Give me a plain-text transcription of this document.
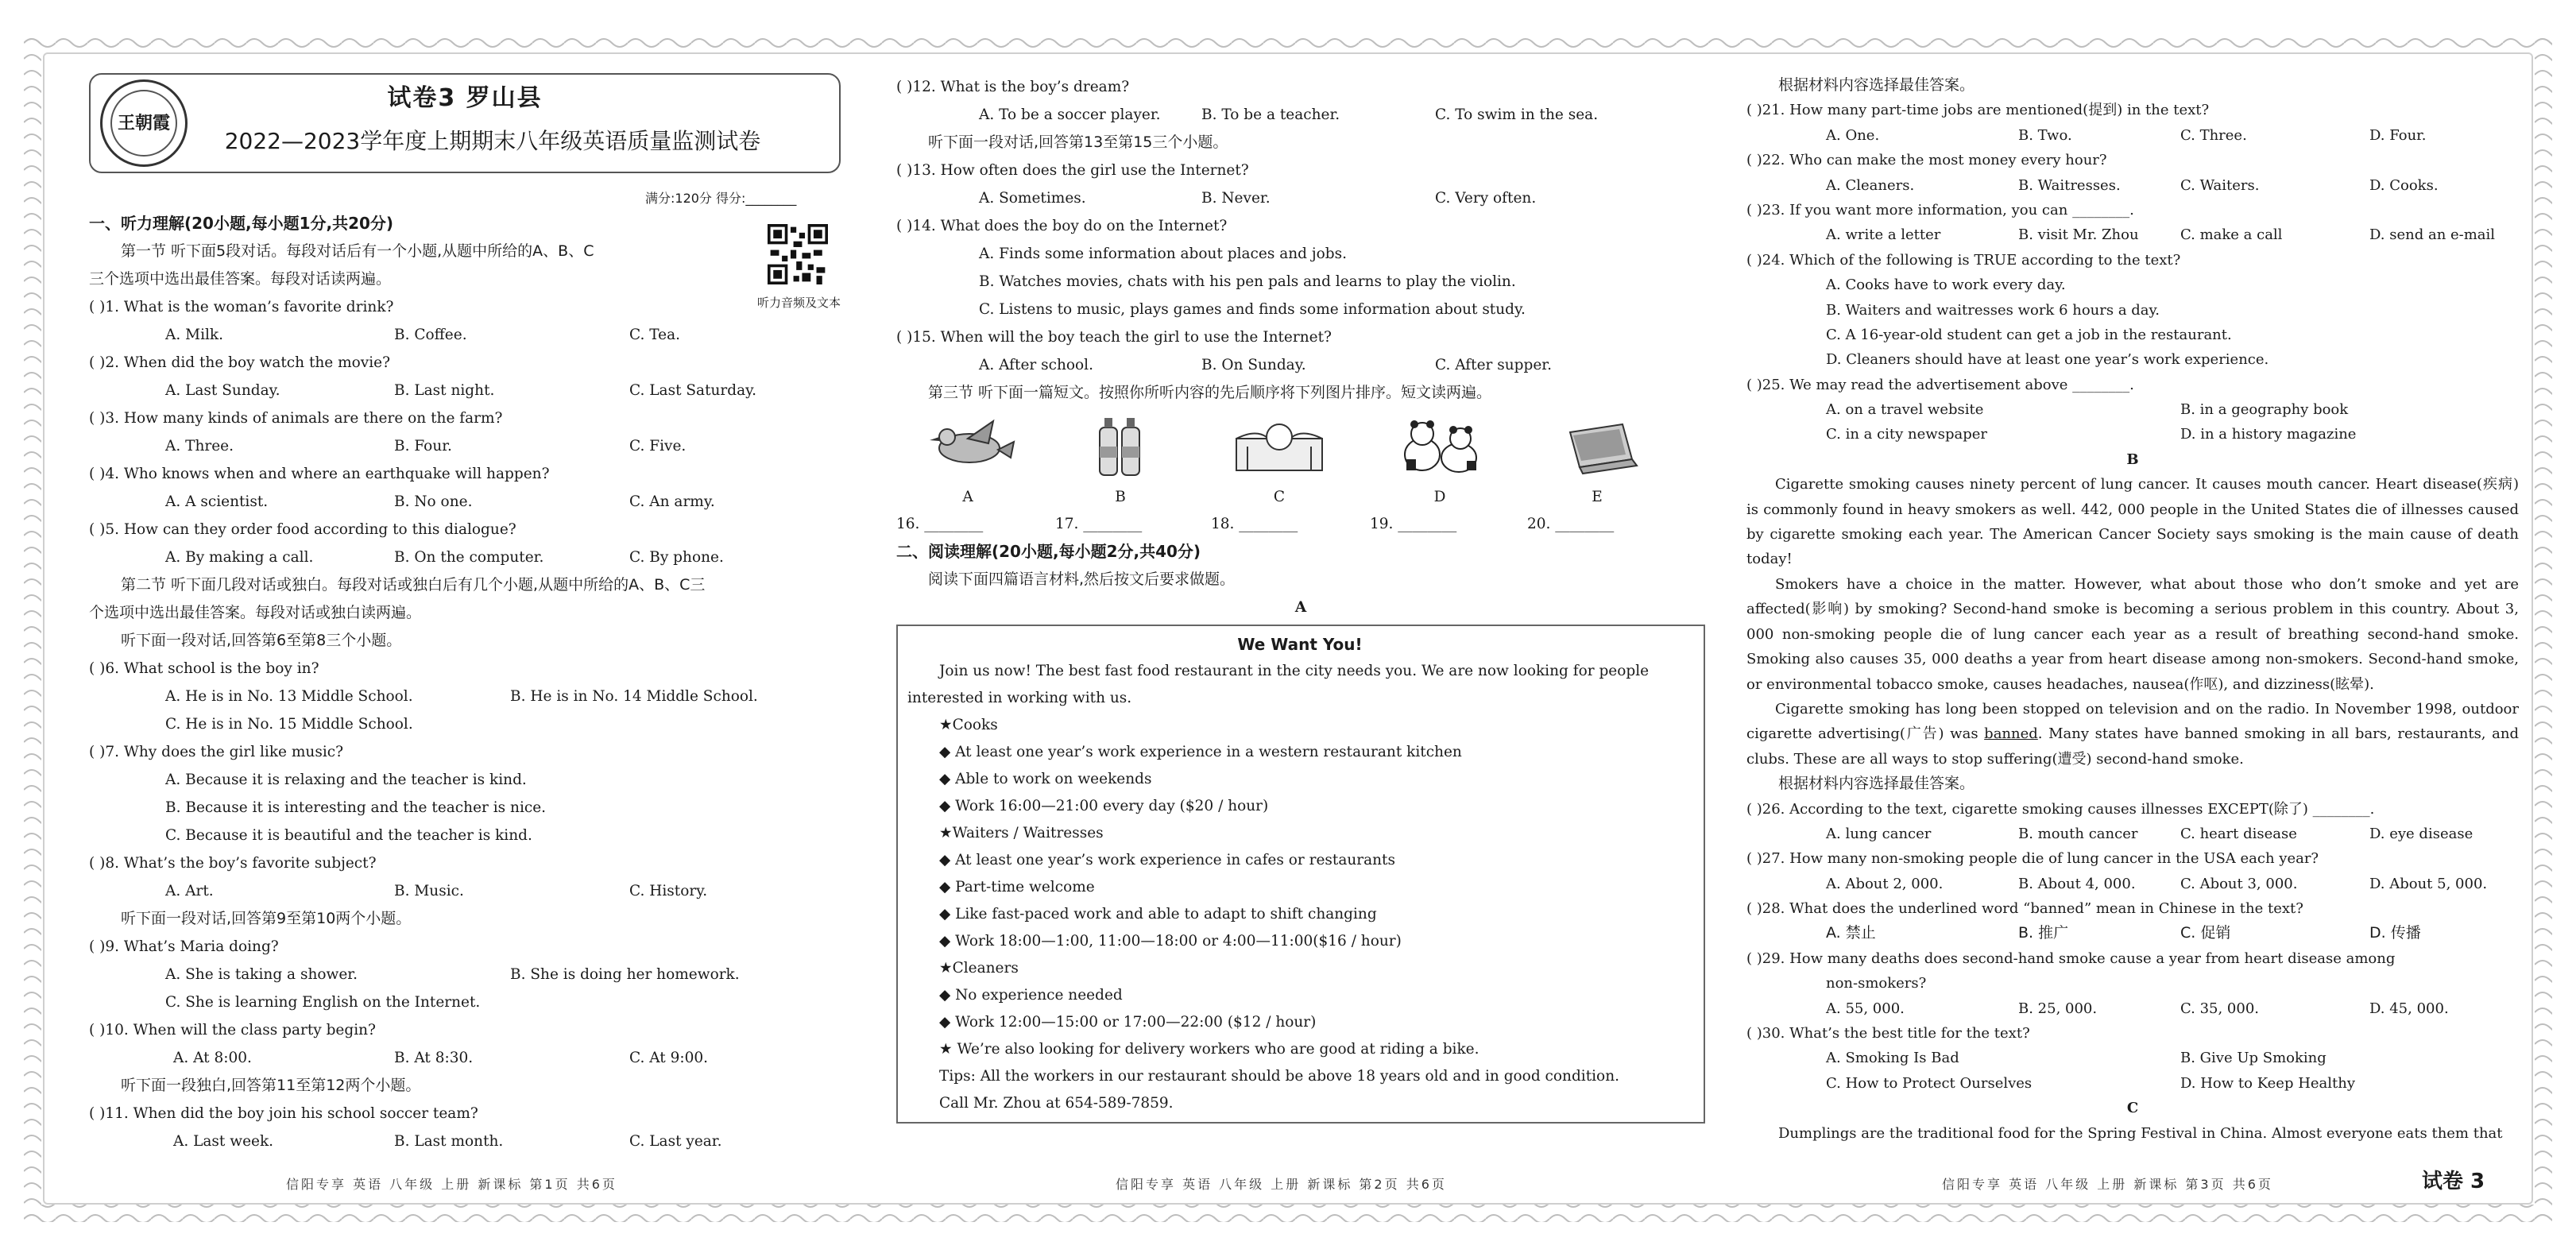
王朝霞
试卷3 罗山县
2022—2023学年度上期期末八年级英语质量监测试卷
满分:120分 得分:________
听力音频及文本
一、听力理解(20小题,每小题1分,共20分)
第一节 听下面5段对话。每段对话后有一个小题,从题中所给的A、B、C
三个选项中选出最佳答案。每段对话读两遍。
( )1. What is the woman’s favorite drink?
A. Milk.	B. Coffee.	C. Tea.
( )2. When did the boy watch the movie?
A. Last Sunday.	B. Last night.	C. Last Saturday.
( )3. How many kinds of animals are there on the farm?
A. Three.	B. Four.	C. Five.
( )4. Who knows when and where an earthquake will happen?
A. A scientist.	B. No one.	C. An army.
( )5. How can they order food according to this dialogue?
A. By making a call.	B. On the computer.	C. By phone.
第二节 听下面几段对话或独白。每段对话或独白后有几个小题,从题中所给的A、B、C三
个选项中选出最佳答案。每段对话或独白读两遍。
听下面一段对话,回答第6至第8三个小题。
( )6. What school is the boy in?
A. He is in No. 13 Middle School.	B. He is in No. 14 Middle School.
C. He is in No. 15 Middle School.
( )7. Why does the girl like music?
A. Because it is relaxing and the teacher is kind.
B. Because it is interesting and the teacher is nice.
C. Because it is beautiful and the teacher is kind.
( )8. What’s the boy’s favorite subject?
A. Art.	B. Music.	C. History.
听下面一段对话,回答第9至第10两个小题。
( )9. What’s Maria doing?
A. She is taking a shower.	B. She is doing her homework.
C. She is learning English on the Internet.
( )10. When will the class party begin?
A. At 8:00.	B. At 8:30.	C. At 9:00.
听下面一段独白,回答第11至第12两个小题。
( )11. When did the boy join his school soccer team?
A. Last week.	B. Last month.	C. Last year.
信阳专享 英语 八年级 上册 新课标 第1页 共6页
( )12. What is the boy’s dream?
A. To be a soccer player.	B. To be a teacher.	C. To swim in the sea.
听下面一段对话,回答第13至第15三个小题。
( )13. How often does the girl use the Internet?
A. Sometimes.	B. Never.	C. Very often.
( )14. What does the boy do on the Internet?
A. Finds some information about places and jobs.
B. Watches movies, chats with his pen pals and learns to play the violin.
C. Listens to music, plays games and finds some information about study.
( )15. When will the boy teach the girl to use the Internet?
A. After school.	B. On Sunday.	C. After supper.
第三节 听下面一篇短文。按照你所听内容的先后顺序将下列图片排序。短文读两遍。
A	B	C	D	E
16. ________	17. ________	18. ________	19. ________	20. ________
二、阅读理解(20小题,每小题2分,共40分)
阅读下面四篇语言材料,然后按文后要求做题。
A
We Want You!
Join us now! The best fast food restaurant in the city needs you. We are now looking for people
interested in working with us.
★Cooks
◆ At least one year’s work experience in a western restaurant kitchen
◆ Able to work on weekends
◆ Work 16:00—21:00 every day ($20 / hour)
★Waiters / Waitresses
◆ At least one year’s work experience in cafes or restaurants
◆ Part-time welcome
◆ Like fast-paced work and able to adapt to shift changing
◆ Work 18:00—1:00, 11:00—18:00 or 4:00—11:00($16 / hour)
★Cleaners
◆ No experience needed
◆ Work 12:00—15:00 or 17:00—22:00 ($12 / hour)
★ We’re also looking for delivery workers who are good at riding a bike.
Tips: All the workers in our restaurant should be above 18 years old and in good condition.
Call Mr. Zhou at 654-589-7859.
信阳专享 英语 八年级 上册 新课标 第2页 共6页
根据材料内容选择最佳答案。
( )21. How many part-time jobs are mentioned(提到) in the text?
A. One.	B. Two.	C. Three.	D. Four.
( )22. Who can make the most money every hour?
A. Cleaners.	B. Waitresses.	C. Waiters.	D. Cooks.
( )23. If you want more information, you can ________.
A. write a letter	B. visit Mr. Zhou	C. make a call	D. send an e-mail
( )24. Which of the following is TRUE according to the text?
A. Cooks have to work every day.
B. Waiters and waitresses work 6 hours a day.
C. A 16-year-old student can get a job in the restaurant.
D. Cleaners should have at least one year’s work experience.
( )25. We may read the advertisement above ________.
A. on a travel website	B. in a geography book
C. in a city newspaper	D. in a history magazine
B
Cigarette smoking causes ninety percent of lung cancer. It causes mouth cancer. Heart disease(疾病) is commonly found in heavy smokers as well. 442, 000 people in the United States die of illnesses caused by cigarette smoking each year. The American Cancer Society says smoking is the main cause of death today!
Smokers have a choice in the matter. However, what about those who don’t smoke and yet are affected(影响) by smoking? Second-hand smoke is becoming a serious problem in this country. About 3, 000 non-smoking people die of lung cancer each year as a result of breathing second-hand smoke. Smoking also causes 35, 000 deaths a year from heart disease among non-smokers. Second-hand smoke, or environmental tobacco smoke, causes headaches, nausea(作呕), and dizziness(眩晕).
Cigarette smoking has long been stopped on television and on the radio. In November 1998, outdoor cigarette advertising(广告) was banned. Many states have banned smoking in all bars, restaurants, and clubs. These are all ways to stop suffering(遭受) second-hand smoke.
根据材料内容选择最佳答案。
( )26. According to the text, cigarette smoking causes illnesses EXCEPT(除了) ________.
A. lung cancer	B. mouth cancer	C. heart disease	D. eye disease
( )27. How many non-smoking people die of lung cancer in the USA each year?
A. About 2, 000.	B. About 4, 000.	C. About 3, 000.	D. About 5, 000.
( )28. What does the underlined word “banned” mean in Chinese in the text?
A. 禁止	B. 推广	C. 促销	D. 传播
( )29. How many deaths does second-hand smoke cause a year from heart disease among
non-smokers?
A. 55, 000.	B. 25, 000.	C. 35, 000.	D. 45, 000.
( )30. What’s the best title for the text?
A. Smoking Is Bad	B. Give Up Smoking
C. How to Protect Ourselves	D. How to Keep Healthy
C
Dumplings are the traditional food for the Spring Festival in China. Almost everyone eats them that
信阳专享 英语 八年级 上册 新课标 第3页 共6页	试卷 3
